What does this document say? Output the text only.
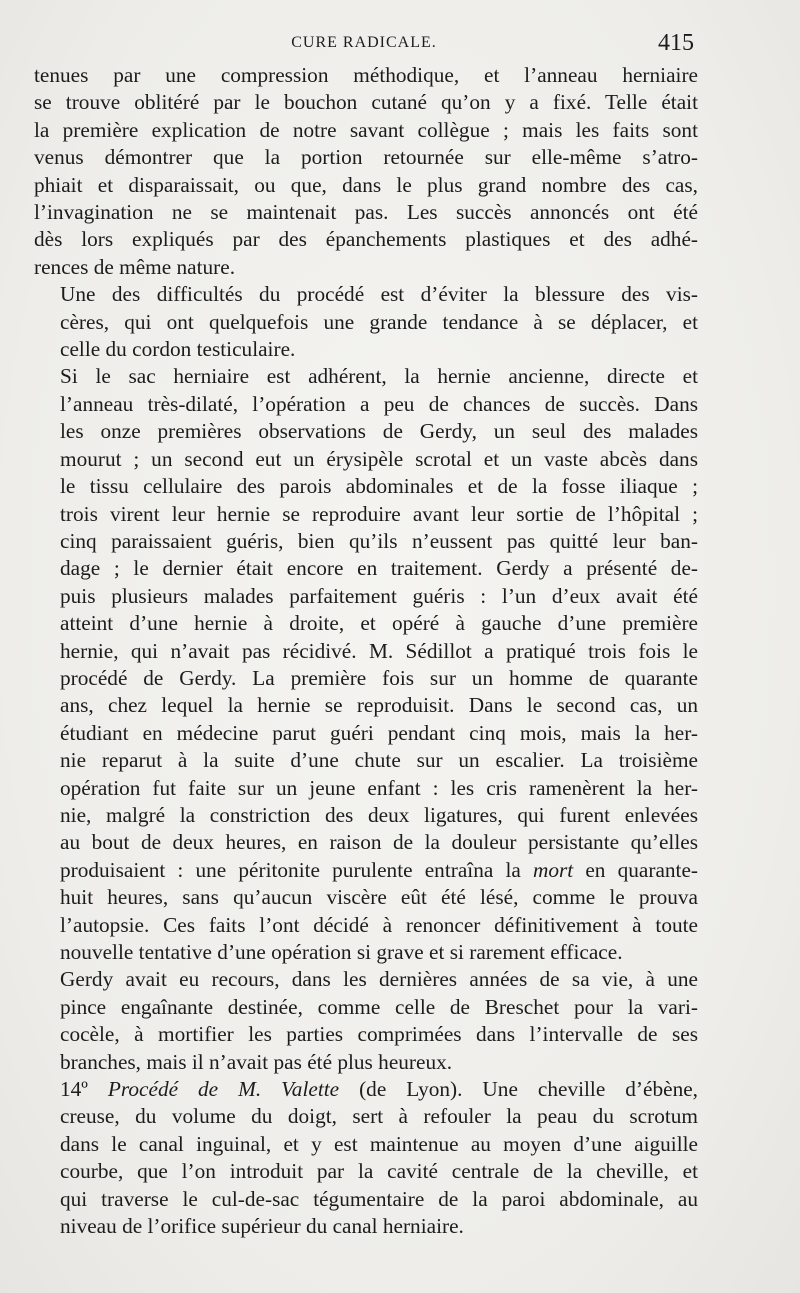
CURE RADICALE.	415

tenues par une compression méthodique, et l’anneau herniaire
se trouve oblitéré par le bouchon cutané qu’on y a fixé. Telle était
la première explication de notre savant collègue ; mais les faits sont
venus démontrer que la portion retournée sur elle-même s’atro-
phiait et disparaissait, ou que, dans le plus grand nombre des cas,
l’invagination ne se maintenait pas. Les succès annoncés ont été
dès lors expliqués par des épanchements plastiques et des adhé-
rences de même nature.

Une des difficultés du procédé est d’éviter la blessure des vis-
cères, qui ont quelquefois une grande tendance à se déplacer, et
celle du cordon testiculaire.

Si le sac herniaire est adhérent, la hernie ancienne, directe et
l’anneau très-dilaté, l’opération a peu de chances de succès. Dans
les onze premières observations de Gerdy, un seul des malades
mourut ; un second eut un érysipèle scrotal et un vaste abcès dans
le tissu cellulaire des parois abdominales et de la fosse iliaque ;
trois virent leur hernie se reproduire avant leur sortie de l’hôpital ;
cinq paraissaient guéris, bien qu’ils n’eussent pas quitté leur ban-
dage ; le dernier était encore en traitement. Gerdy a présenté de-
puis plusieurs malades parfaitement guéris : l’un d’eux avait été
atteint d’une hernie à droite, et opéré à gauche d’une première
hernie, qui n’avait pas récidivé. M. Sédillot a pratiqué trois fois le
procédé de Gerdy. La première fois sur un homme de quarante
ans, chez lequel la hernie se reproduisit. Dans le second cas, un
étudiant en médecine parut guéri pendant cinq mois, mais la her-
nie reparut à la suite d’une chute sur un escalier. La troisième
opération fut faite sur un jeune enfant : les cris ramenèrent la her-
nie, malgré la constriction des deux ligatures, qui furent enlevées
au bout de deux heures, en raison de la douleur persistante qu’elles
produisaient : une péritonite purulente entraîna la mort en quarante-
huit heures, sans qu’aucun viscère eût été lésé, comme le prouva
l’autopsie. Ces faits l’ont décidé à renoncer définitivement à toute
nouvelle tentative d’une opération si grave et si rarement efficace.

Gerdy avait eu recours, dans les dernières années de sa vie, à une
pince engaînante destinée, comme celle de Breschet pour la vari-
cocèle, à mortifier les parties comprimées dans l’intervalle de ses
branches, mais il n’avait pas été plus heureux.

14º Procédé de M. Valette (de Lyon). Une cheville d’ébène,
creuse, du volume du doigt, sert à refouler la peau du scrotum
dans le canal inguinal, et y est maintenue au moyen d’une aiguille
courbe, que l’on introduit par la cavité centrale de la cheville, et
qui traverse le cul-de-sac tégumentaire de la paroi abdominale, au
niveau de l’orifice supérieur du canal herniaire.
